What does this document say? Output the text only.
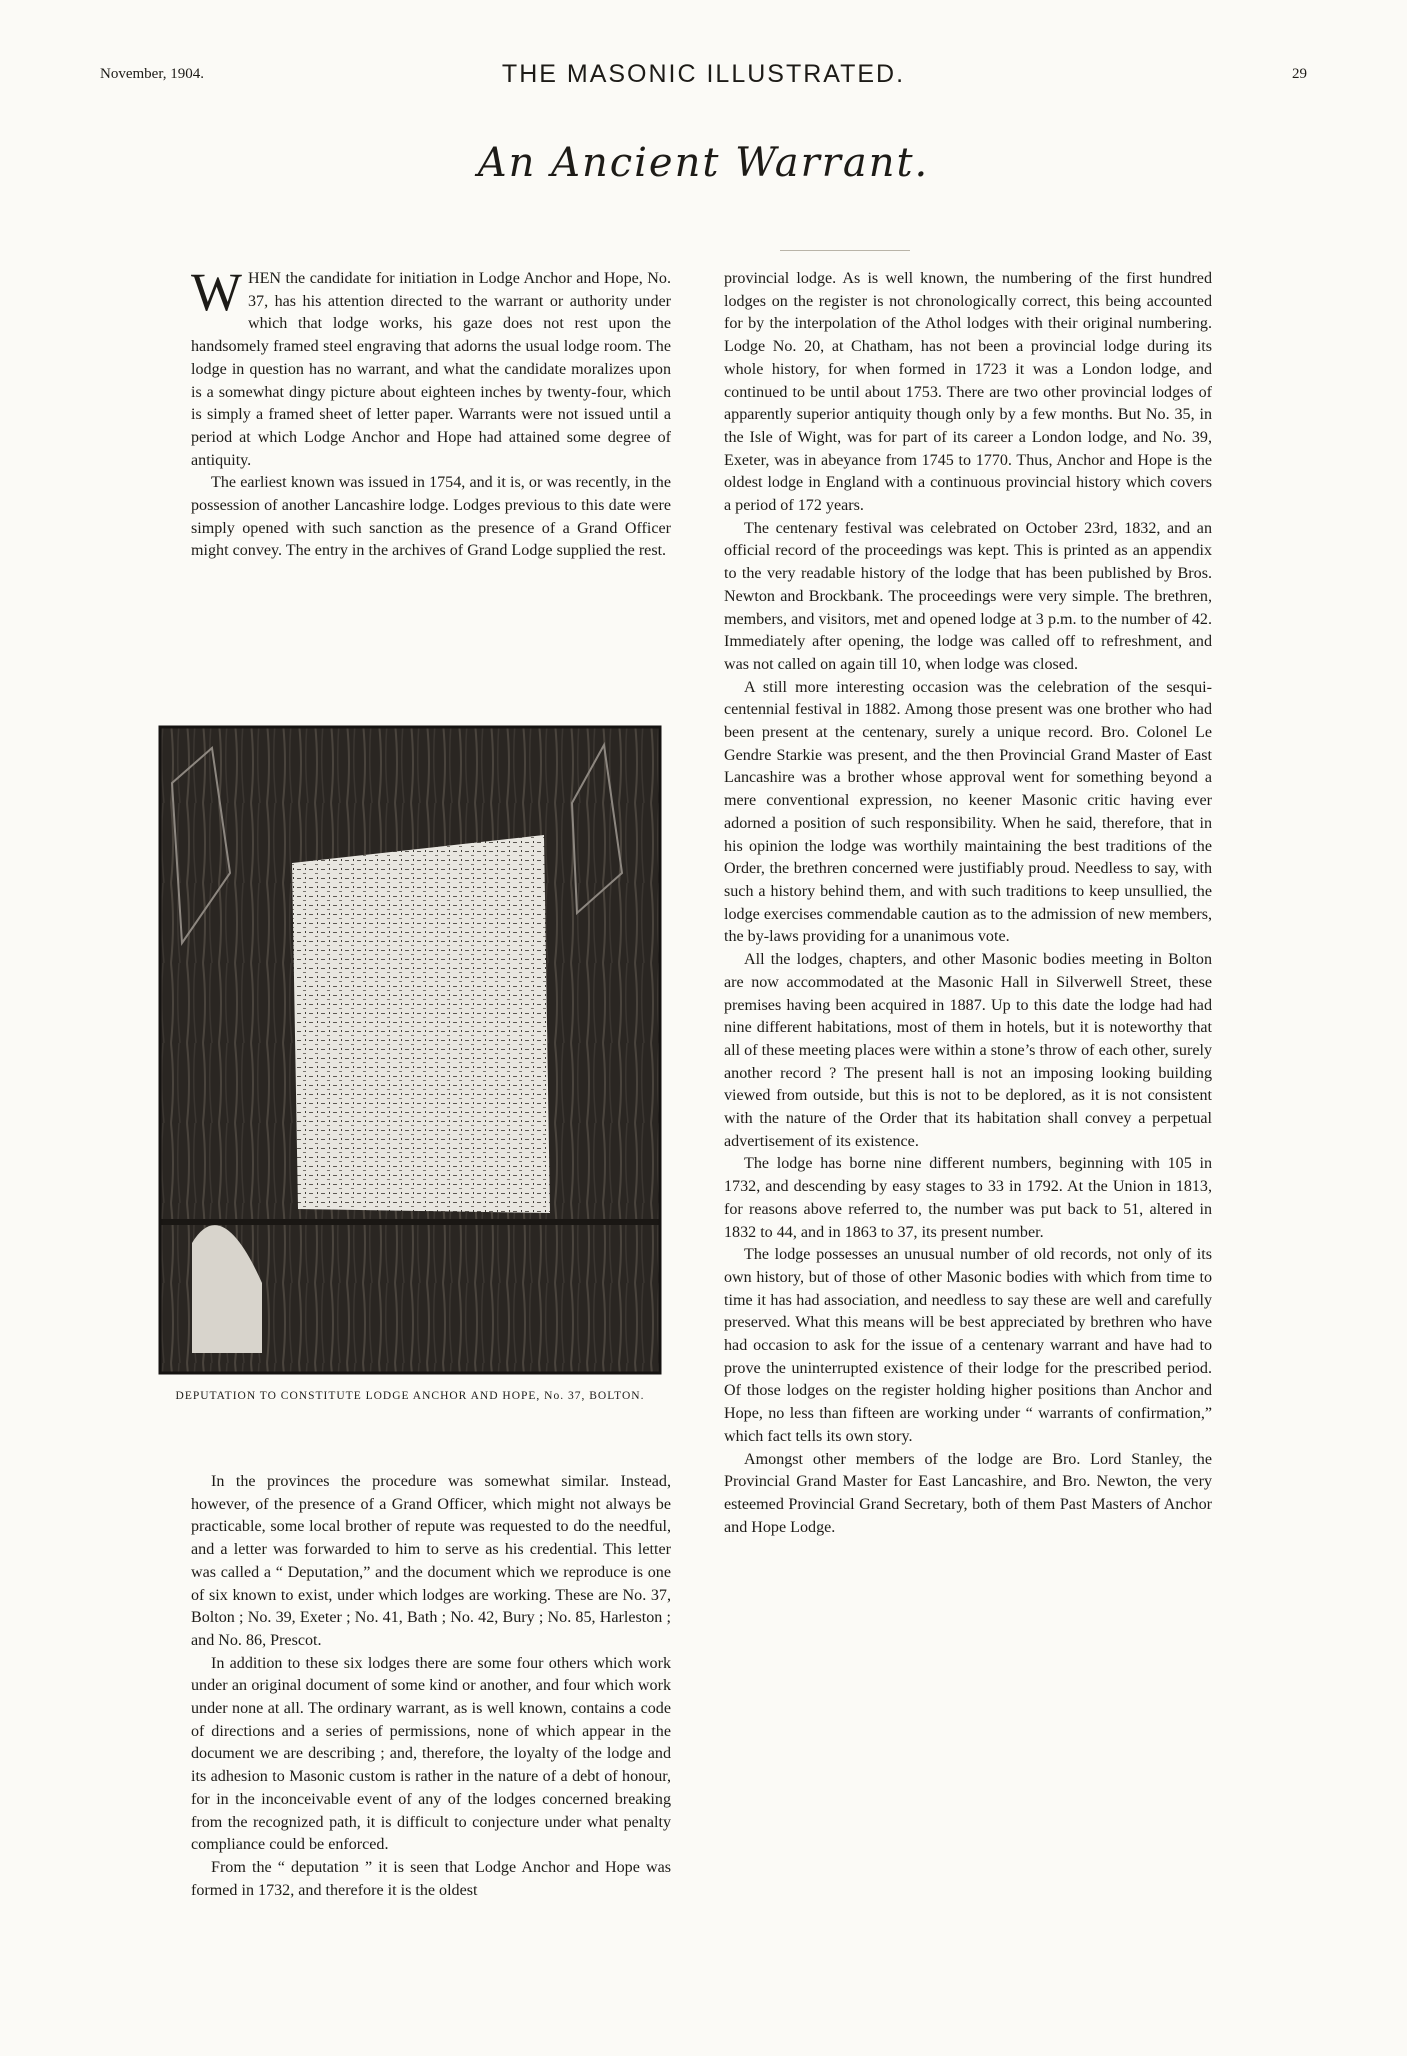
November, 1904.	THE MASONIC ILLUSTRATED.	29
An Ancient Warrant.

WHEN the candidate for initiation in Lodge Anchor and Hope, No. 37, has his attention directed to the warrant or authority under which that lodge works, his gaze does not rest upon the handsomely framed steel engraving that adorns the usual lodge room. The lodge in question has no warrant, and what the candidate moralizes upon is a somewhat dingy picture about eighteen inches by twenty-four, which is simply a framed sheet of letter paper. Warrants were not issued until a period at which Lodge Anchor and Hope had attained some degree of antiquity.

The earliest known was issued in 1754, and it is, or was recently, in the possession of another Lancashire lodge. Lodges previous to this date were simply opened with such sanction as the presence of a Grand Officer might convey. The entry in the archives of Grand Lodge supplied the rest.

DEPUTATION TO CONSTITUTE LODGE ANCHOR AND HOPE, No. 37, BOLTON.

In the provinces the procedure was somewhat similar. Instead, however, of the presence of a Grand Officer, which might not always be practicable, some local brother of repute was requested to do the needful, and a letter was forwarded to him to serve as his credential. This letter was called a “ Deputation,” and the document which we reproduce is one of six known to exist, under which lodges are working. These are No. 37, Bolton ; No. 39, Exeter ; No. 41, Bath ; No. 42, Bury ; No. 85, Harleston ; and No. 86, Prescot.

In addition to these six lodges there are some four others which work under an original document of some kind or another, and four which work under none at all. The ordinary warrant, as is well known, contains a code of directions and a series of permissions, none of which appear in the document we are describing ; and, therefore, the loyalty of the lodge and its adhesion to Masonic custom is rather in the nature of a debt of honour, for in the inconceivable event of any of the lodges concerned breaking from the recognized path, it is difficult to conjecture under what penalty compliance could be enforced.

From the “ deputation ” it is seen that Lodge Anchor and Hope was formed in 1732, and therefore it is the oldest

provincial lodge. As is well known, the numbering of the first hundred lodges on the register is not chronologically correct, this being accounted for by the interpolation of the Athol lodges with their original numbering. Lodge No. 20, at Chatham, has not been a provincial lodge during its whole history, for when formed in 1723 it was a London lodge, and continued to be until about 1753. There are two other provincial lodges of apparently superior antiquity though only by a few months. But No. 35, in the Isle of Wight, was for part of its career a London lodge, and No. 39, Exeter, was in abeyance from 1745 to 1770. Thus, Anchor and Hope is the oldest lodge in England with a continuous provincial history which covers a period of 172 years.

The centenary festival was celebrated on October 23rd, 1832, and an official record of the proceedings was kept. This is printed as an appendix to the very readable history of the lodge that has been published by Bros. Newton and Brockbank. The proceedings were very simple. The brethren, members, and visitors, met and opened lodge at 3 p.m. to the number of 42. Immediately after opening, the lodge was called off to refreshment, and was not called on again till 10, when lodge was closed.

A still more interesting occasion was the celebration of the sesqui-centennial festival in 1882. Among those present was one brother who had been present at the centenary, surely a unique record. Bro. Colonel Le Gendre Starkie was present, and the then Provincial Grand Master of East Lancashire was a brother whose approval went for something beyond a mere conventional expression, no keener Masonic critic having ever adorned a position of such responsibility. When he said, therefore, that in his opinion the lodge was worthily maintaining the best traditions of the Order, the brethren concerned were justifiably proud. Needless to say, with such a history behind them, and with such traditions to keep unsullied, the lodge exercises commendable caution as to the admission of new members, the by-laws providing for a unanimous vote.

All the lodges, chapters, and other Masonic bodies meeting in Bolton are now accommodated at the Masonic Hall in Silverwell Street, these premises having been acquired in 1887. Up to this date the lodge had had nine different habitations, most of them in hotels, but it is noteworthy that all of these meeting places were within a stone’s throw of each other, surely another record ? The present hall is not an imposing looking building viewed from outside, but this is not to be deplored, as it is not consistent with the nature of the Order that its habitation shall convey a perpetual advertisement of its existence.

The lodge has borne nine different numbers, beginning with 105 in 1732, and descending by easy stages to 33 in 1792. At the Union in 1813, for reasons above referred to, the number was put back to 51, altered in 1832 to 44, and in 1863 to 37, its present number.

The lodge possesses an unusual number of old records, not only of its own history, but of those of other Masonic bodies with which from time to time it has had association, and needless to say these are well and carefully preserved. What this means will be best appreciated by brethren who have had occasion to ask for the issue of a centenary warrant and have had to prove the uninterrupted existence of their lodge for the prescribed period. Of those lodges on the register holding higher positions than Anchor and Hope, no less than fifteen are working under “ warrants of confirmation,” which fact tells its own story.

Amongst other members of the lodge are Bro. Lord Stanley, the Provincial Grand Master for East Lancashire, and Bro. Newton, the very esteemed Provincial Grand Secretary, both of them Past Masters of Anchor and Hope Lodge.
